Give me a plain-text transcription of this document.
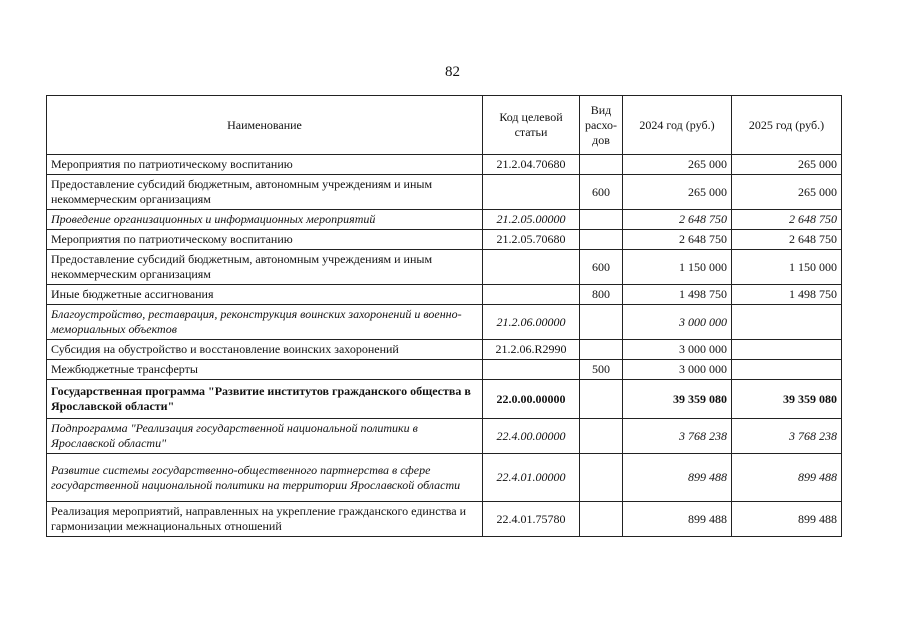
82
Наименование	Код целевой статьи	Вид расхо-дов	2024 год (руб.)	2025 год (руб.)
Мероприятия по патриотическому воспитанию	21.2.04.70680		265 000	265 000
Предоставление субсидий бюджетным, автономным учреждениям и иным некоммерческим организациям		600	265 000	265 000
Проведение организационных и информационных мероприятий	21.2.05.00000		2 648 750	2 648 750
Мероприятия по патриотическому воспитанию	21.2.05.70680		2 648 750	2 648 750
Предоставление субсидий бюджетным, автономным учреждениям и иным некоммерческим организациям		600	1 150 000	1 150 000
Иные бюджетные ассигнования		800	1 498 750	1 498 750
Благоустройство, реставрация, реконструкция воинских захоронений и военно-мемориальных объектов	21.2.06.00000		3 000 000	
Субсидия на обустройство и восстановление воинских захоронений	21.2.06.R2990		3 000 000	
Межбюджетные трансферты		500	3 000 000	
Государственная программа "Развитие институтов гражданского общества в Ярославской области"	22.0.00.00000		39 359 080	39 359 080
Подпрограмма "Реализация государственной национальной политики в Ярославской области"	22.4.00.00000		3 768 238	3 768 238
Развитие системы государственно-общественного партнерства в сфере государственной национальной политики на территории Ярославской области	22.4.01.00000		899 488	899 488
Реализация мероприятий, направленных на укрепление гражданского единства и гармонизации межнациональных отношений	22.4.01.75780		899 488	899 488
